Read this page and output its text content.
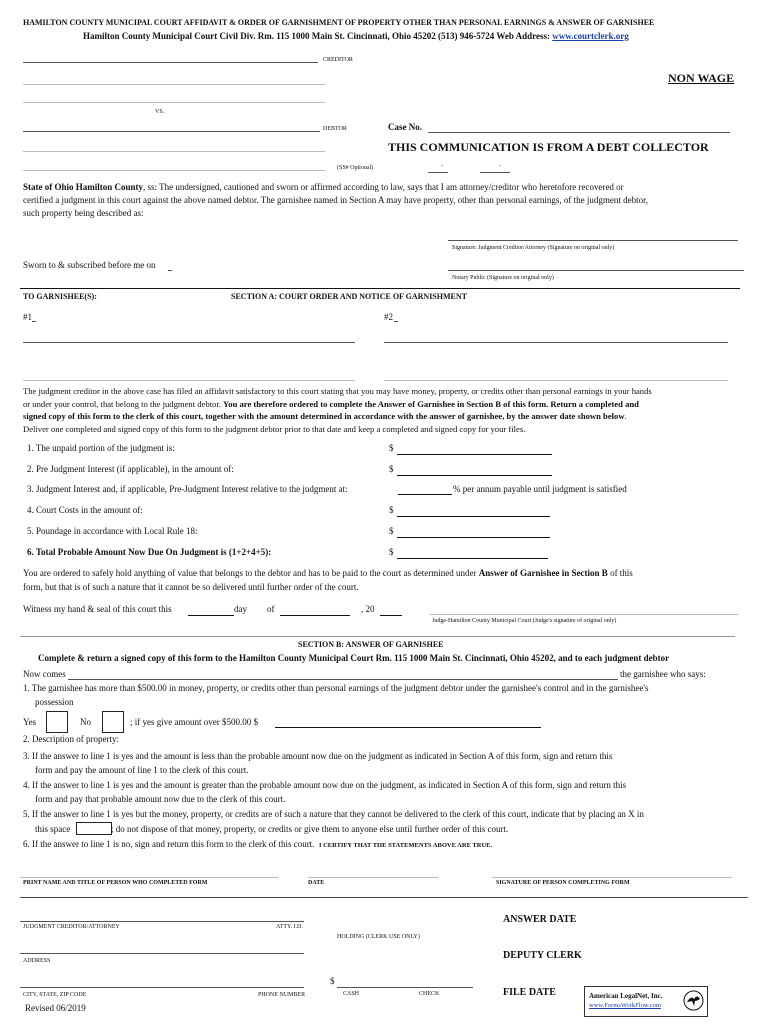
HAMILTON COUNTY MUNICIPAL COURT AFFIDAVIT & ORDER OF GARNISHMENT OF PROPERTY OTHER THAN PERSONAL EARNINGS & ANSWER OF GARNISHEE
Hamilton County Municipal Court Civil Div. Rm. 115 1000 Main St. Cincinnati, Ohio 45202 (513) 946-5724 Web Address: www.courtclerk.org
CREDITOR
NON WAGE
VS.
DEBTOR	Case No.
THIS COMMUNICATION IS FROM A DEBT COLLECTOR
(SS# Optional)	-	-
State of Ohio Hamilton County, ss: The undersigned, cautioned and sworn or affirmed according to law, says that I am attorney/creditor who heretofore recovered or
certified a judgment in this court against the above named debtor. The garnishee named in Section A may have property, other than personal earnings, of the judgment debtor,
such property being described as:
Signature: Judgment Creditor/Attorney (Signature on original only)
Sworn to & subscribed before me on
Notary Public (Signature on original only)
TO GARNISHEE(S):	SECTION A: COURT ORDER AND NOTICE OF GARNISHMENT
#1	#2
The judgment creditor in the above case has filed an affidavit satisfactory to this court stating that you may have money, property, or credits other than personal earnings in your hands
or under your control, that belong to the judgment debtor. You are therefore ordered to complete the Answer of Garnishee in Section B of this form. Return a completed and
signed copy of this form to the clerk of this court, together with the amount determined in accordance with the answer of garnishee, by the answer date shown below.
Deliver one completed and signed copy of this form to the judgment debtor prior to that date and keep a completed and signed copy for your files.
1. The unpaid portion of the judgment is:	$
2. Pre Judgment Interest (if applicable), in the amount of:	$
3. Judgment Interest and, if applicable, Pre-Judgment Interest relative to the judgment at:	% per annum payable until judgment is satisfied
4. Court Costs in the amount of:	$
5. Poundage in accordance with Local Rule 18:	$
6. Total Probable Amount Now Due On Judgment is (1+2+4+5):	$
You are ordered to safely hold anything of value that belongs to the debtor and has to be paid to the court as determined under Answer of Garnishee in Section B of this
form, but that is of such a nature that it cannot be so delivered until further order of the court.
Witness my hand & seal of this court this	day of	, 20
Judge-Hamilton County Municipal Court (Judge's signature of original only)
SECTION B: ANSWER OF GARNISHEE
Complete & return a signed copy of this form to the Hamilton County Municipal Court Rm. 115 1000 Main St. Cincinnati, Ohio 45202, and to each judgment debtor
Now comes	the garnishee who says:
1. The garnishee has more than $500.00 in money, property, or credits other than personal earnings of the judgment debtor under the garnishee's control and in the garnishee's
possession
Yes	No	; if yes give amount over $500.00 $
2. Description of property:
3. If the answer to line 1 is yes and the amount is less than the probable amount now due on the judgment as indicated in Section A of this form, sign and return this
form and pay the amount of line 1 to the clerk of this court.
4. If the answer to line 1 is yes and the amount is greater than the probable amount now due on the judgment, as indicated in Section A of this form, sign and return this
form and pay that probable amount now due to the clerk of this court.
5. If the answer to line 1 is yes but the money, property, or credits are of such a nature that they cannot be delivered to the clerk of this court, indicate that by placing an X in
this space	; do not dispose of that money, property, or credits or give them to anyone else until further order of this court.
6. If the answer to line 1 is no, sign and return this form to the clerk of this court. I CERTIFY THAT THE STATEMENTS ABOVE ARE TRUE.
PRINT NAME AND TITLE OF PERSON WHO COMPLETED FORM	DATE	SIGNATURE OF PERSON COMPLETING FORM
JUDGMENT CREDITOR/ATTORNEY	ATTY. I.D.
ANSWER DATE
HOLDING (CLERK USE ONLY)
ADDRESS	DEPUTY CLERK
$
CITY, STATE, ZIP CODE	PHONE NUMBER	CASH	CHECK	FILE DATE
Revised 06/2019
American LegalNet, Inc.
www.FormsWorkFlow.com
